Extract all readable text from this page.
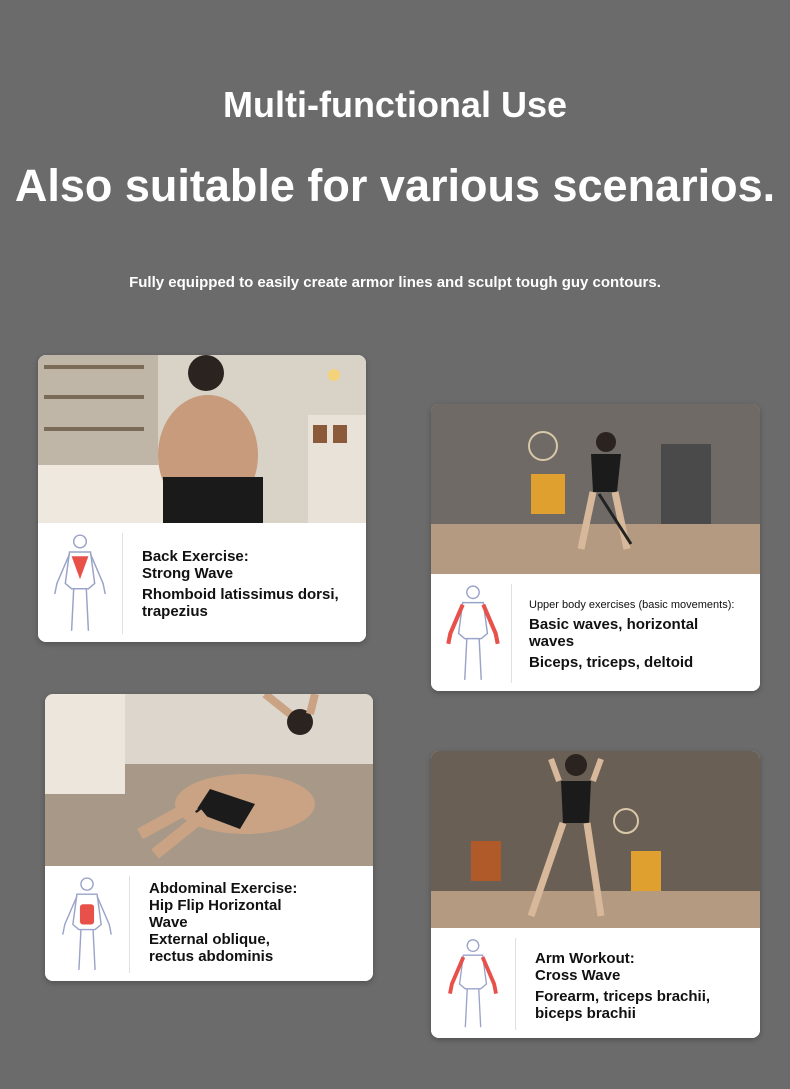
Multi-functional Use
Also suitable for various scenarios.

Fully equipped to easily create armor lines and sculpt tough guy contours.

Back Exercise:
Strong Wave
Rhomboid latissimus dorsi, trapezius	Upper body exercises (basic movements):
Basic waves, horizontal waves
Biceps, triceps, deltoid
Abdominal Exercise:
Hip Flip Horizontal Wave
External oblique, rectus abdominis	Arm Workout:
Cross Wave
Forearm, triceps brachii, biceps brachii
